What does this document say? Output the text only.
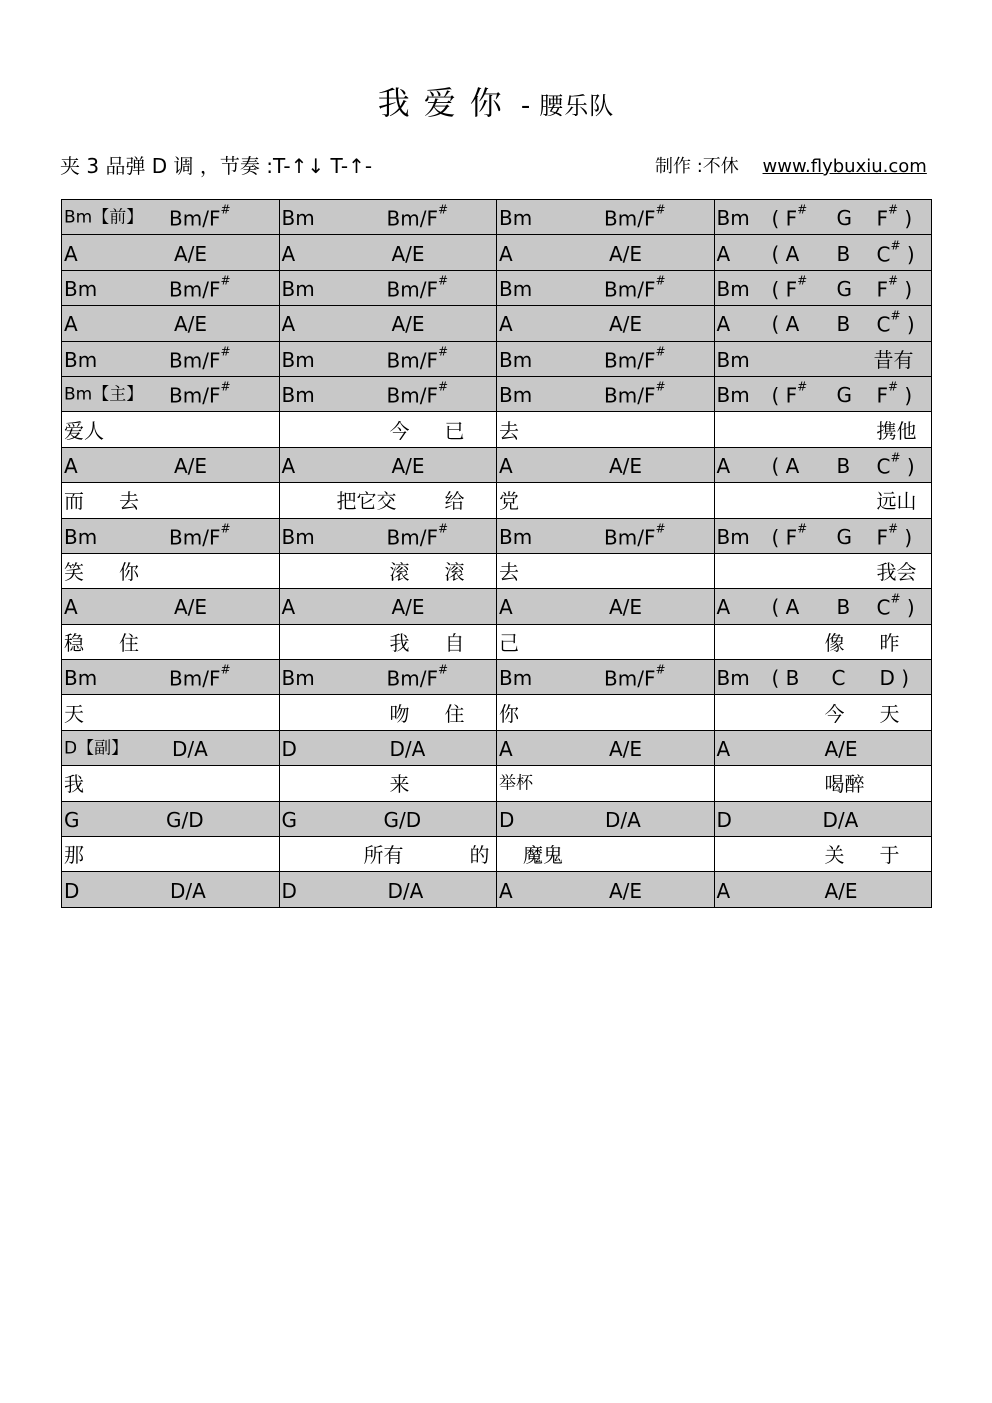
我爱你 - 腰乐队
夹 3 品弹 D 调 ，节奏 :T-↑↓ T-↑-	制作 :不休 www.flybuxiu.com
Bm【前】 Bm/F#	Bm Bm/F#	Bm Bm/F#	Bm ( F# G F# )

A A/E	A A/E	A A/E	A ( A B C# )

Bm Bm/F#	Bm Bm/F#	Bm Bm/F#	Bm ( F# G F# )

A A/E	A A/E	A A/E	A ( A B C# )

Bm Bm/F#	Bm Bm/F#	Bm Bm/F#	Bm 昔有

Bm【主】 Bm/F#	Bm Bm/F#	Bm Bm/F#	Bm ( F# G F# )

爱人	今 已	去	携他

A A/E	A A/E	A A/E	A ( A B C# )

而 去	把它交 给	党	远山

Bm Bm/F#	Bm Bm/F#	Bm Bm/F#	Bm ( F# G F# )

笑 你	滚 滚	去	我会

A A/E	A A/E	A A/E	A ( A B C# )

稳 住	我 自	己	像 昨

Bm Bm/F#	Bm Bm/F#	Bm Bm/F#	Bm ( B C D )

天	吻 住	你	今 天

D【副】 D/A	D D/A	A A/E	A A/E

我	来	举杯	喝醉

G G/D	G G/D	D D/A	D D/A

那	所有 的	魔鬼	关 于

D D/A	D D/A	A A/E	A A/E
